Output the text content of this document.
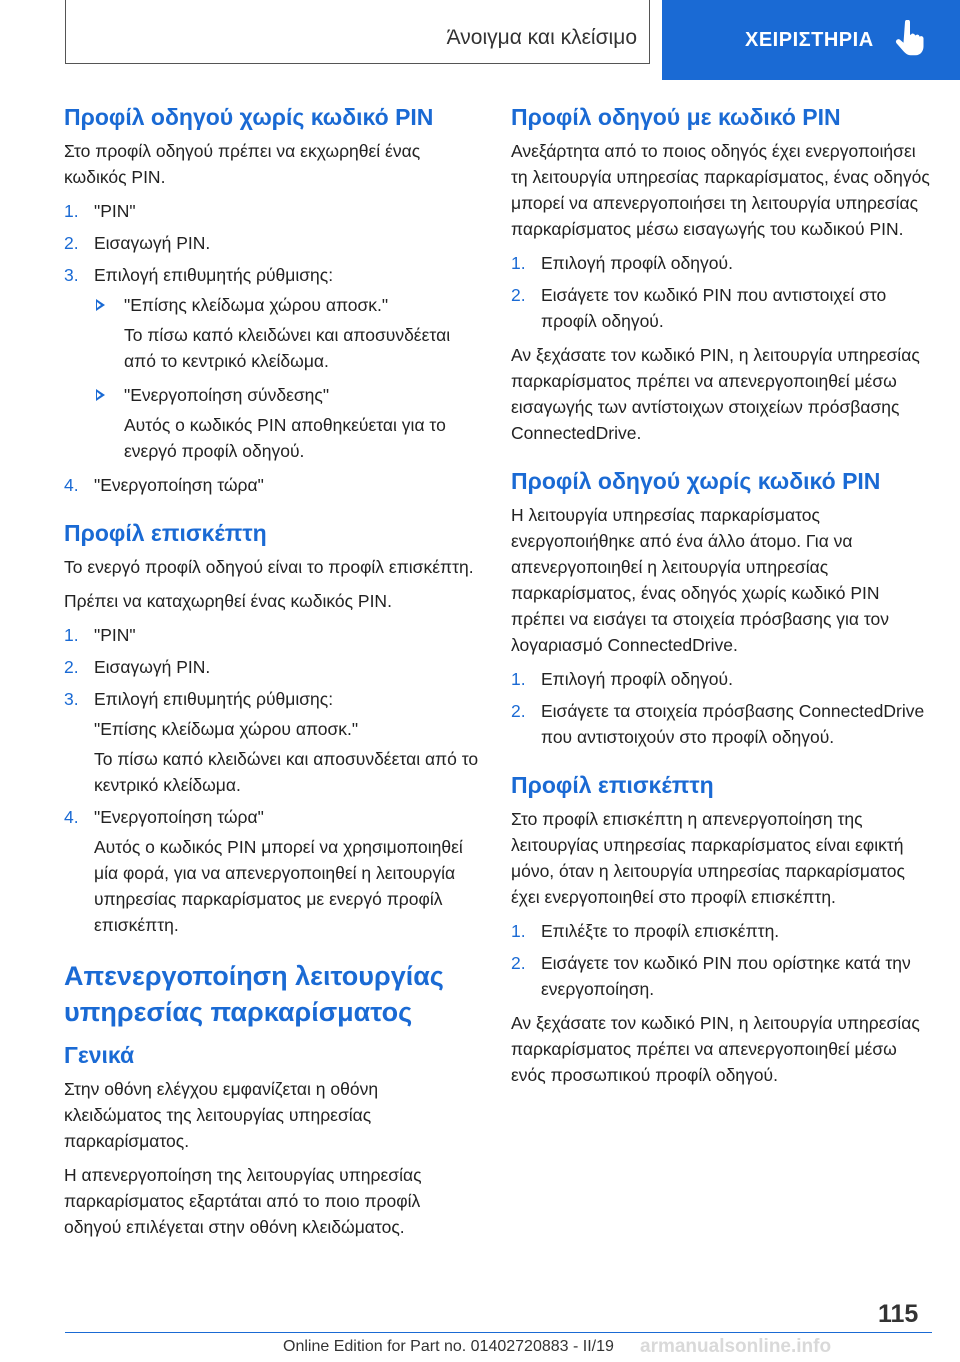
Άνοιγμα και κλείσιμο	ΧΕΙΡΙΣΤΗΡΙΑ
Προφίλ οδηγού χωρίς κωδικό PIN

Στο προφίλ οδηγού πρέπει να εκχωρηθεί ένας κωδικός PIN.

1. "PIN"
2. Εισαγωγή PIN.
3. Επιλογή επιθυμητής ρύθμισης:
"Επίσης κλείδωμα χώρου αποσκ."
Το πίσω καπό κλειδώνει και αποσυνδέεται από το κεντρικό κλείδωμα.
"Ενεργοποίηση σύνδεσης"
Αυτός ο κωδικός PIN αποθηκεύεται για το ενεργό προφίλ οδηγού.
4. "Ενεργοποίηση τώρα"
Προφίλ επισκέπτη

Το ενεργό προφίλ οδηγού είναι το προφίλ επισκέπτη.

Πρέπει να καταχωρηθεί ένας κωδικός PIN.

1. "PIN"
2. Εισαγωγή PIN.
3. Επιλογή επιθυμητής ρύθμισης:
"Επίσης κλείδωμα χώρου αποσκ."
Το πίσω καπό κλειδώνει και αποσυνδέεται από το κεντρικό κλείδωμα.
4. "Ενεργοποίηση τώρα"
Αυτός ο κωδικός PIN μπορεί να χρησιμοποιηθεί μία φορά, για να απενεργοποιηθεί η λειτουργία υπηρεσίας παρκαρίσματος με ενεργό προφίλ επισκέπτη.
Απενεργοποίηση λειτουργίας υπηρεσίας παρκαρίσματος
Γενικά

Στην οθόνη ελέγχου εμφανίζεται η οθόνη κλειδώματος της λειτουργίας υπηρεσίας παρκαρίσματος.

Η απενεργοποίηση της λειτουργίας υπηρεσίας παρκαρίσματος εξαρτάται από το ποιο προφίλ οδηγού επιλέγεται στην οθόνη κλειδώματος.

Προφίλ οδηγού με κωδικό PIN

Ανεξάρτητα από το ποιος οδηγός έχει ενεργοποιήσει τη λειτουργία υπηρεσίας παρκαρίσματος, ένας οδηγός μπορεί να απενεργοποιήσει τη λειτουργία υπηρεσίας παρκαρίσματος μέσω εισαγωγής του κωδικού PIN.

1. Επιλογή προφίλ οδηγού.
2. Εισάγετε τον κωδικό PIN που αντιστοιχεί στο προφίλ οδηγού.

Αν ξεχάσατε τον κωδικό PIN, η λειτουργία υπηρεσίας παρκαρίσματος πρέπει να απενεργοποιηθεί μέσω εισαγωγής των αντίστοιχων στοιχείων πρόσβασης ConnectedDrive.

Προφίλ οδηγού χωρίς κωδικό PIN

Η λειτουργία υπηρεσίας παρκαρίσματος ενεργοποιήθηκε από ένα άλλο άτομο. Για να απενεργοποιηθεί η λειτουργία υπηρεσίας παρκαρίσματος, ένας οδηγός χωρίς κωδικό PIN πρέπει να εισάγει τα στοιχεία πρόσβασης για τον λογαριασμό ConnectedDrive.

1. Επιλογή προφίλ οδηγού.
2. Εισάγετε τα στοιχεία πρόσβασης ConnectedDrive που αντιστοιχούν στο προφίλ οδηγού.
Προφίλ επισκέπτη

Στο προφίλ επισκέπτη η απενεργοποίηση της λειτουργίας υπηρεσίας παρκαρίσματος είναι εφικτή μόνο, όταν η λειτουργία υπηρεσίας παρκαρίσματος έχει ενεργοποιηθεί στο προφίλ επισκέπτη.

1. Επιλέξτε το προφίλ επισκέπτη.
2. Εισάγετε τον κωδικό PIN που ορίστηκε κατά την ενεργοποίηση.

Αν ξεχάσατε τον κωδικό PIN, η λειτουργία υπηρεσίας παρκαρίσματος πρέπει να απενεργοποιηθεί μέσω ενός προσωπικού προφίλ οδηγού.

115
Online Edition for Part no. 01402720883 - II/19 armanualsonline.info
